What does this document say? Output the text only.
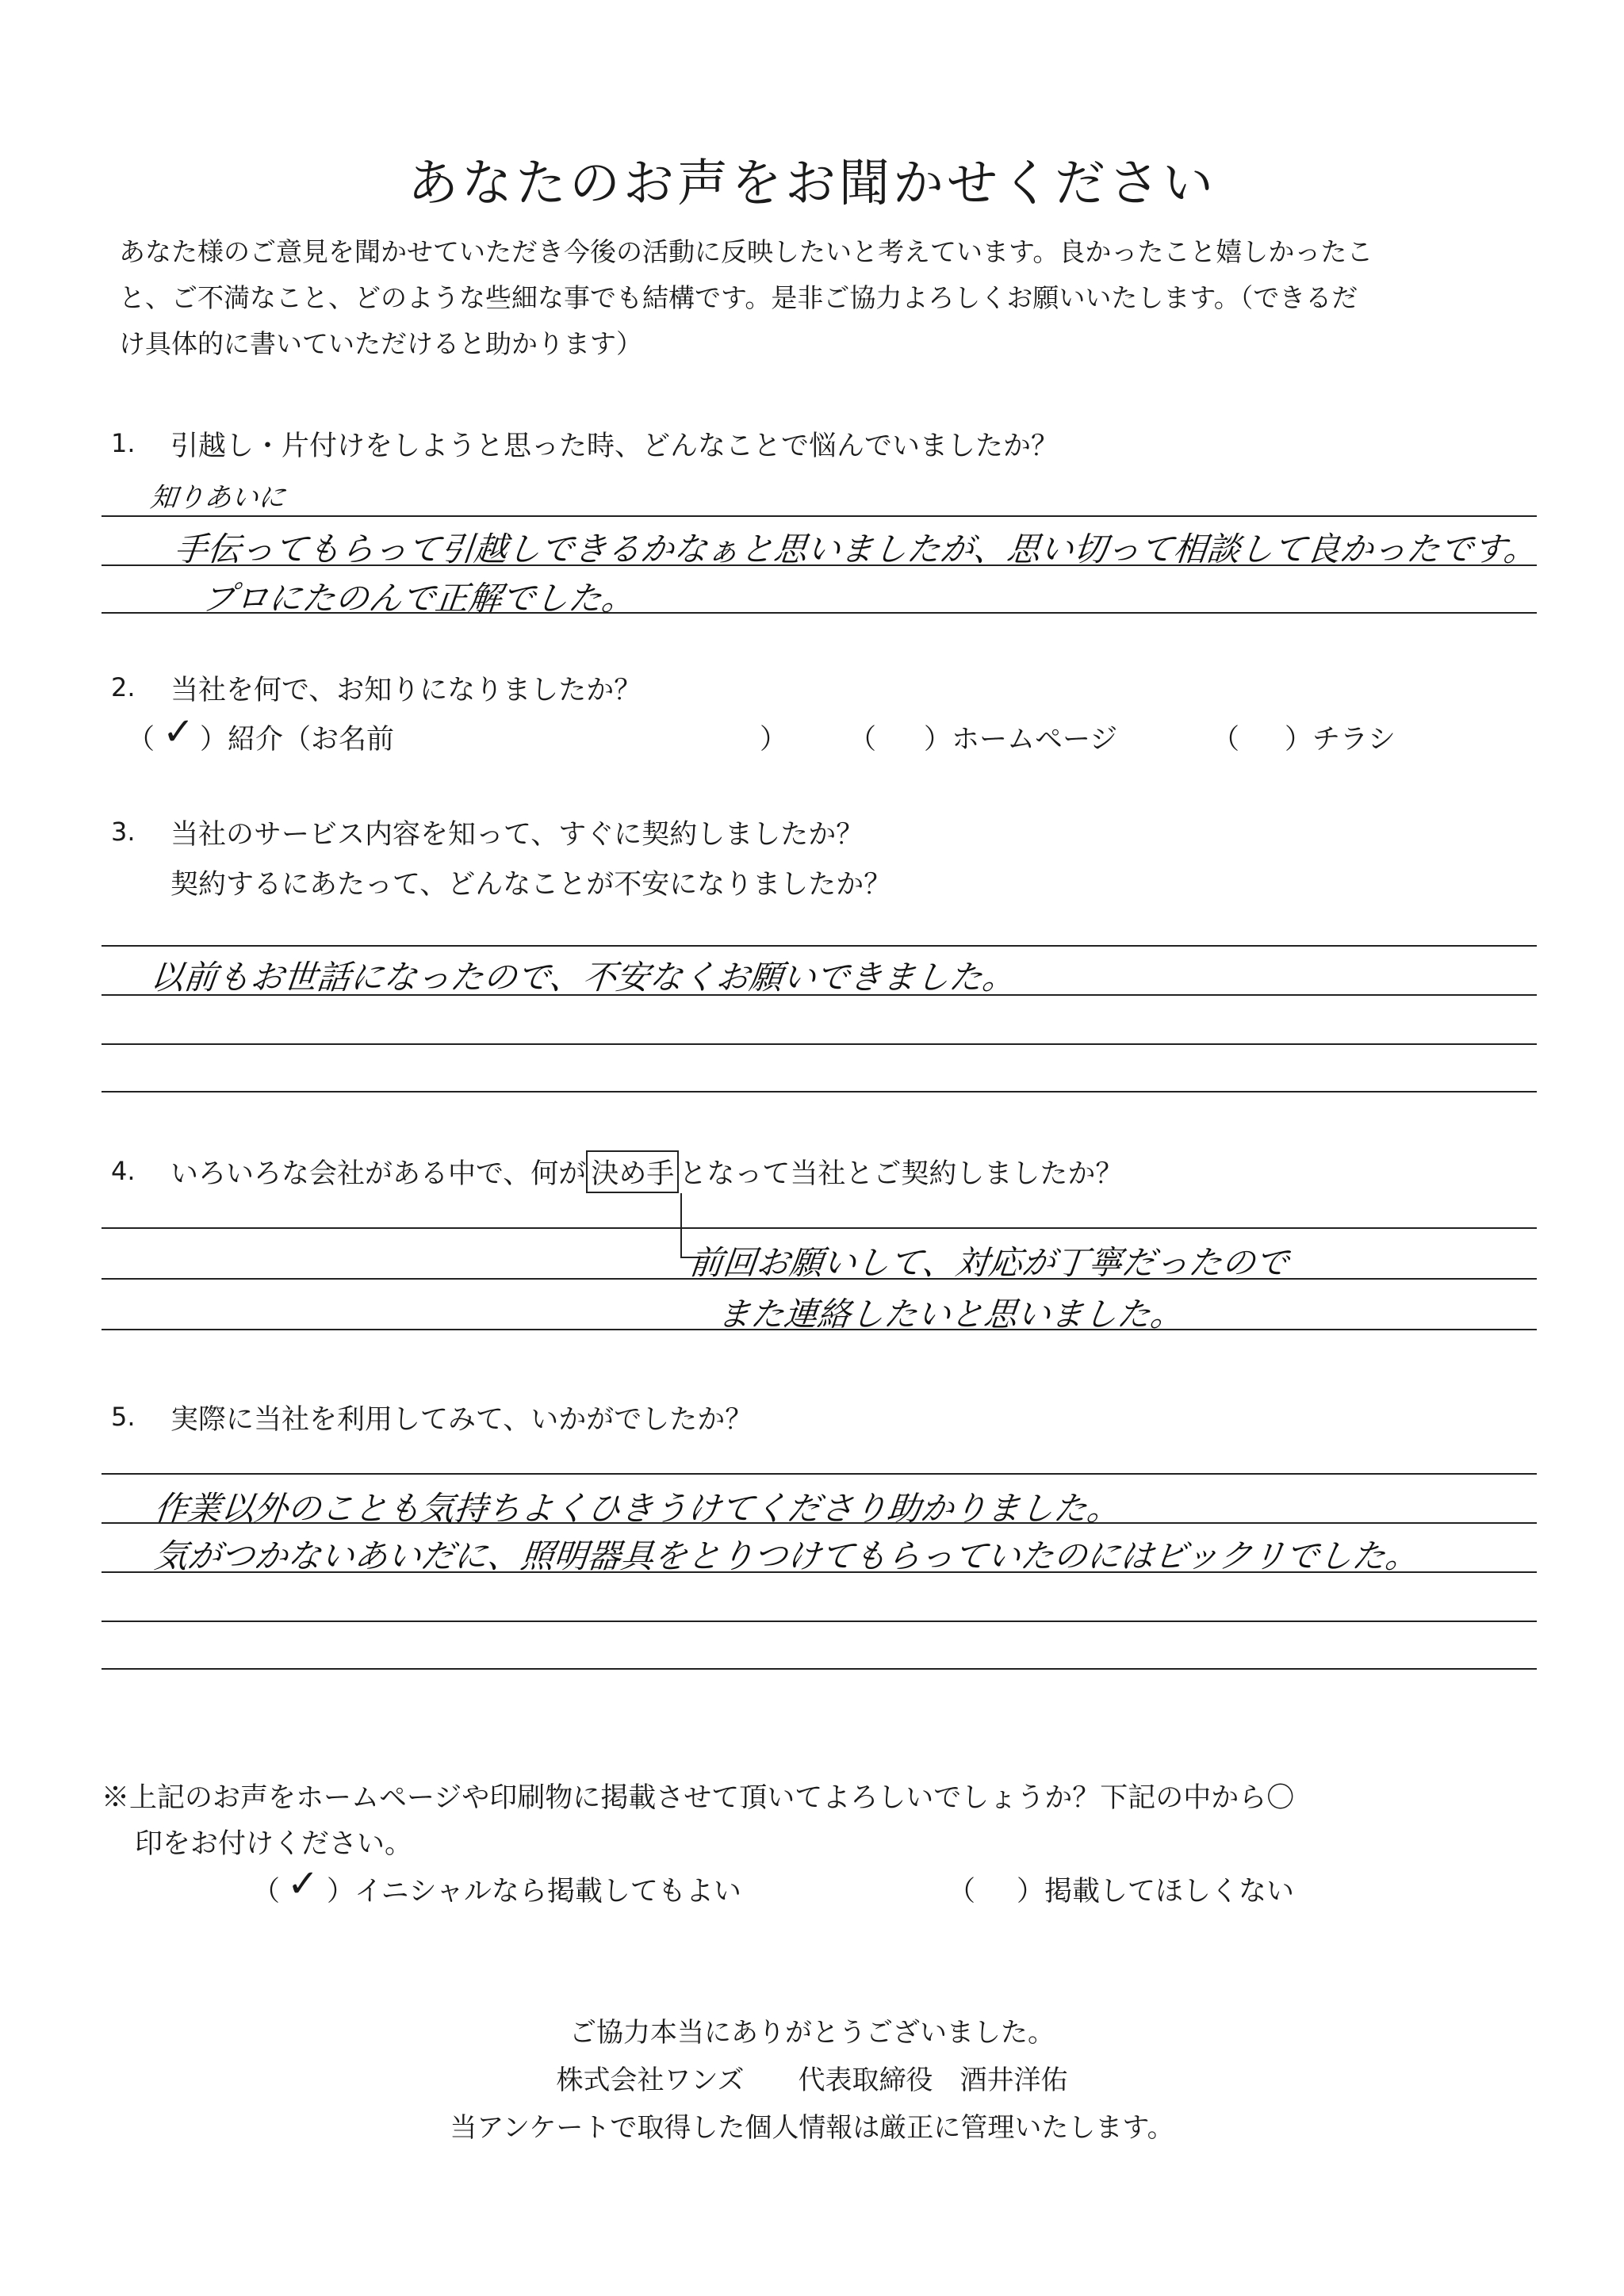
あなたのお声をお聞かせください
あなた様のご意見を聞かせていただき今後の活動に反映したいと考えています。良かったこと嬉しかったこ
と、ご不満なこと、どのような些細な事でも結構です。是非ご協力よろしくお願いいたします。（できるだ
け具体的に書いていただけると助かります）
1. 引越し・片付けをしようと思った時、どんなことで悩んでいましたか？
知りあいに
手伝ってもらって引越しできるかなぁと思いましたが、思い切って相談して良かったです。
プロにたのんで正解でした。
2. 当社を何で、お知りになりましたか？
（ ✓ ）紹介（お名前	） （ ）ホームページ	（ ）チラシ
3. 当社のサービス内容を知って、すぐに契約しましたか？
契約するにあたって、どんなことが不安になりましたか？
以前もお世話になったので、不安なくお願いできました。
4. いろいろな会社がある中で、何が 決め手 となって当社とご契約しましたか？
前回お願いして、対応が丁寧だったので
また連絡したいと思いました。
5. 実際に当社を利用してみて、いかがでしたか？
作業以外のことも気持ちよくひきうけてくださり助かりました。
気がつかないあいだに、照明器具をとりつけてもらっていたのにはビックリでした。
※上記のお声をホームページや印刷物に掲載させて頂いてよろしいでしょうか？下記の中から〇
印をお付けください。
（ ✓ ）イニシャルなら掲載してもよい	（ ）掲載してほしくない
ご協力本当にありがとうございました。
株式会社ワンズ　　代表取締役　酒井洋佑
当アンケートで取得した個人情報は厳正に管理いたします。
